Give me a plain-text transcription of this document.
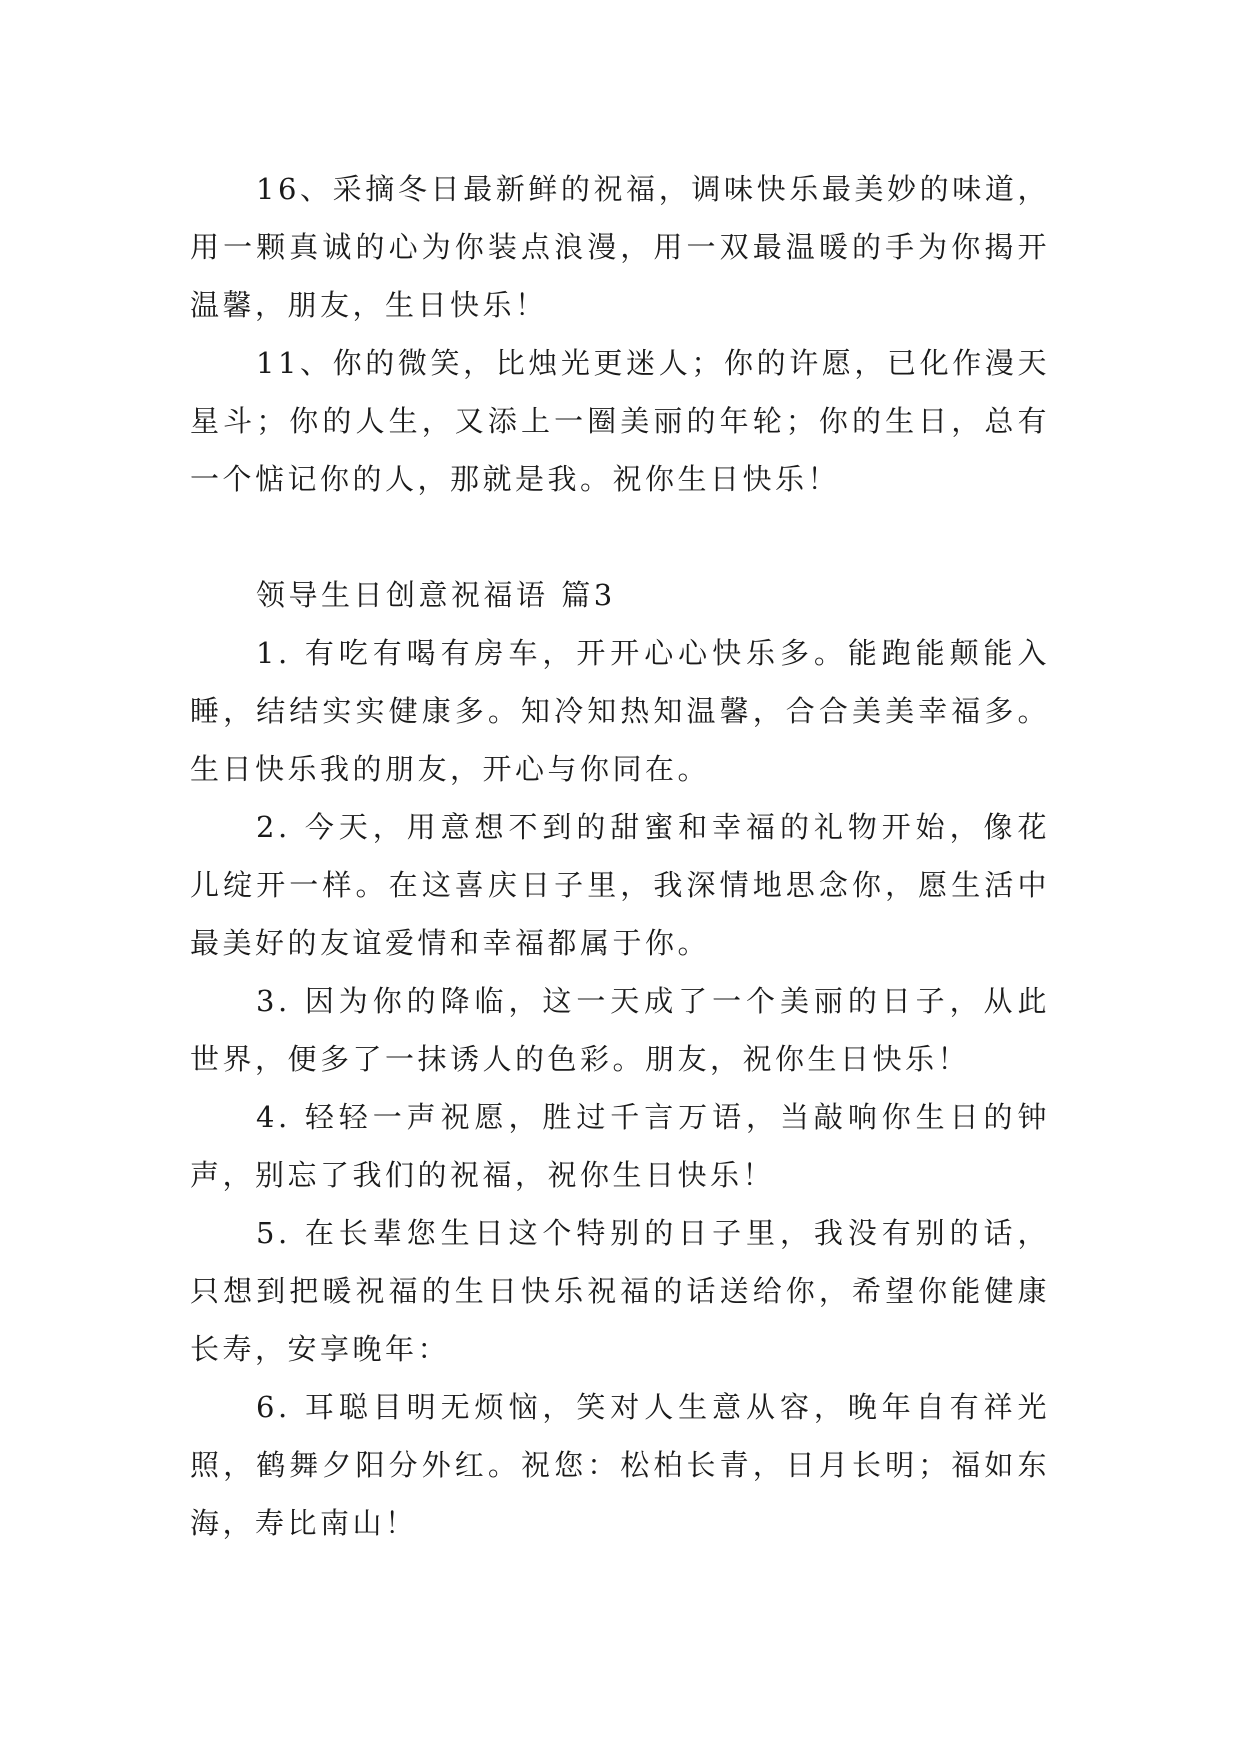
16、采摘冬日最新鲜的祝福，调味快乐最美妙的味道，用一颗真诚的心为你装点浪漫，用一双最温暖的手为你揭开温馨，朋友，生日快乐！

11、你的微笑，比烛光更迷人；你的许愿，已化作漫天星斗；你的人生，又添上一圈美丽的年轮；你的生日，总有一个惦记你的人，那就是我。祝你生日快乐！

领导生日创意祝福语 篇3

1. 有吃有喝有房车，开开心心快乐多。能跑能颠能入睡，结结实实健康多。知冷知热知温馨，合合美美幸福多。生日快乐我的朋友，开心与你同在。

2. 今天，用意想不到的甜蜜和幸福的礼物开始，像花儿绽开一样。在这喜庆日子里，我深情地思念你，愿生活中最美好的友谊爱情和幸福都属于你。

3. 因为你的降临，这一天成了一个美丽的日子，从此世界，便多了一抹诱人的色彩。朋友，祝你生日快乐！

4. 轻轻一声祝愿，胜过千言万语，当敲响你生日的钟声，别忘了我们的祝福，祝你生日快乐！

5. 在长辈您生日这个特别的日子里，我没有别的话，只想到把暖祝福的生日快乐祝福的话送给你，希望你能健康长寿，安享晚年：

6. 耳聪目明无烦恼，笑对人生意从容，晚年自有祥光照，鹤舞夕阳分外红。祝您：松柏长青，日月长明；福如东海，寿比南山！
